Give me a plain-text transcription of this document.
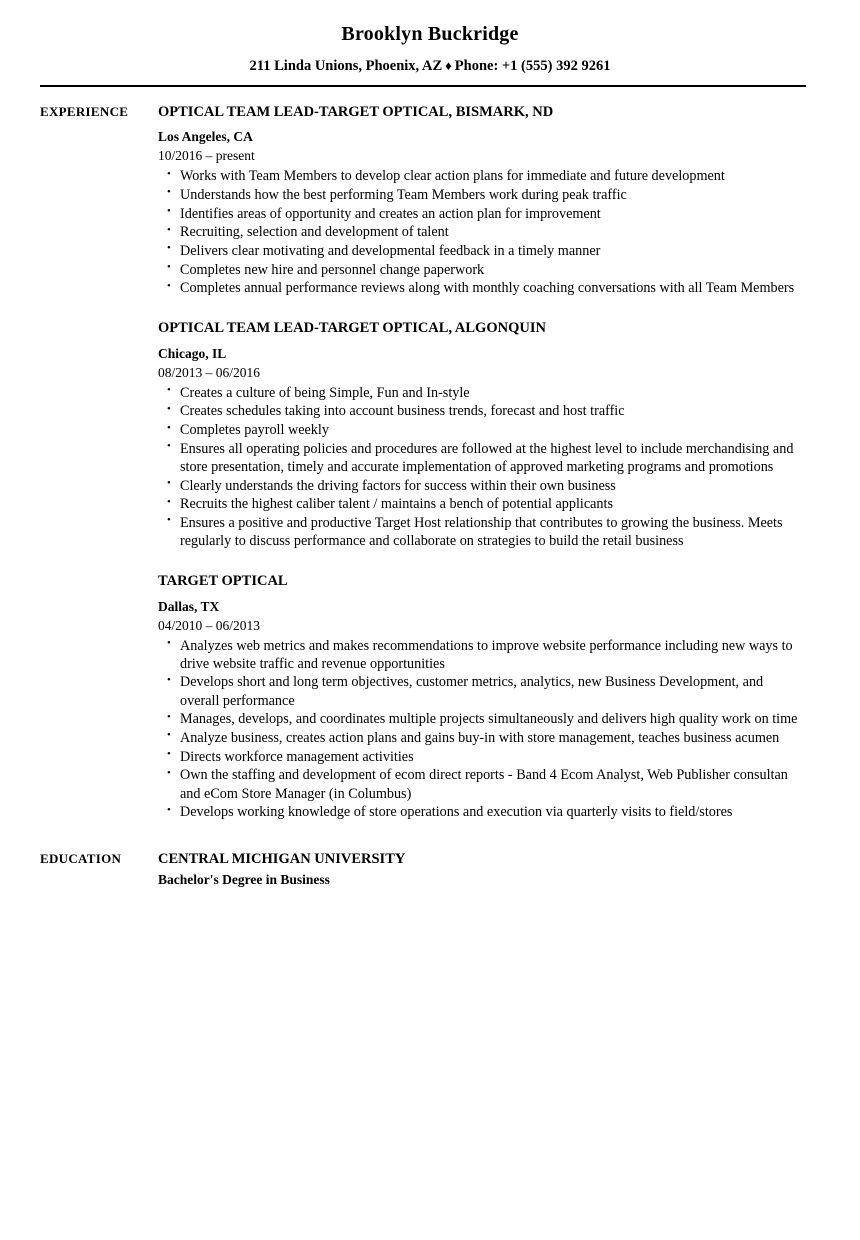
Brooklyn Buckridge

211 Linda Unions, Phoenix, AZ ♦ Phone: +1 (555) 392 9261

EXPERIENCE	OPTICAL TEAM LEAD-TARGET OPTICAL, BISMARK, ND
Los Angeles, CA
10/2016 – present
• Works with Team Members to develop clear action plans for immediate and future development
• Understands how the best performing Team Members work during peak traffic
• Identifies areas of opportunity and creates an action plan for improvement
• Recruiting, selection and development of talent
• Delivers clear motivating and developmental feedback in a timely manner
• Completes new hire and personnel change paperwork
• Completes annual performance reviews along with monthly coaching conversations with all Team Members
OPTICAL TEAM LEAD-TARGET OPTICAL, ALGONQUIN
Chicago, IL
08/2013 – 06/2016
• Creates a culture of being Simple, Fun and In-style
• Creates schedules taking into account business trends, forecast and host traffic
• Completes payroll weekly
• Ensures all operating policies and procedures are followed at the highest level to include merchandising and store presentation, timely and accurate implementation of approved marketing programs and promotions
• Clearly understands the driving factors for success within their own business
• Recruits the highest caliber talent / maintains a bench of potential applicants
• Ensures a positive and productive Target Host relationship that contributes to growing the business. Meets regularly to discuss performance and collaborate on strategies to build the retail business
TARGET OPTICAL
Dallas, TX
04/2010 – 06/2013
• Analyzes web metrics and makes recommendations to improve website performance including new ways to drive website traffic and revenue opportunities
• Develops short and long term objectives, customer metrics, analytics, new Business Development, and overall performance
• Manages, develops, and coordinates multiple projects simultaneously and delivers high quality work on time
• Analyze business, creates action plans and gains buy-in with store management, teaches business acumen
• Directs workforce management activities
• Own the staffing and development of ecom direct reports - Band 4 Ecom Analyst, Web Publisher consultan and eCom Store Manager (in Columbus)
• Develops working knowledge of store operations and execution via quarterly visits to field/stores
EDUCATION	CENTRAL MICHIGAN UNIVERSITY
Bachelor's Degree in Business
